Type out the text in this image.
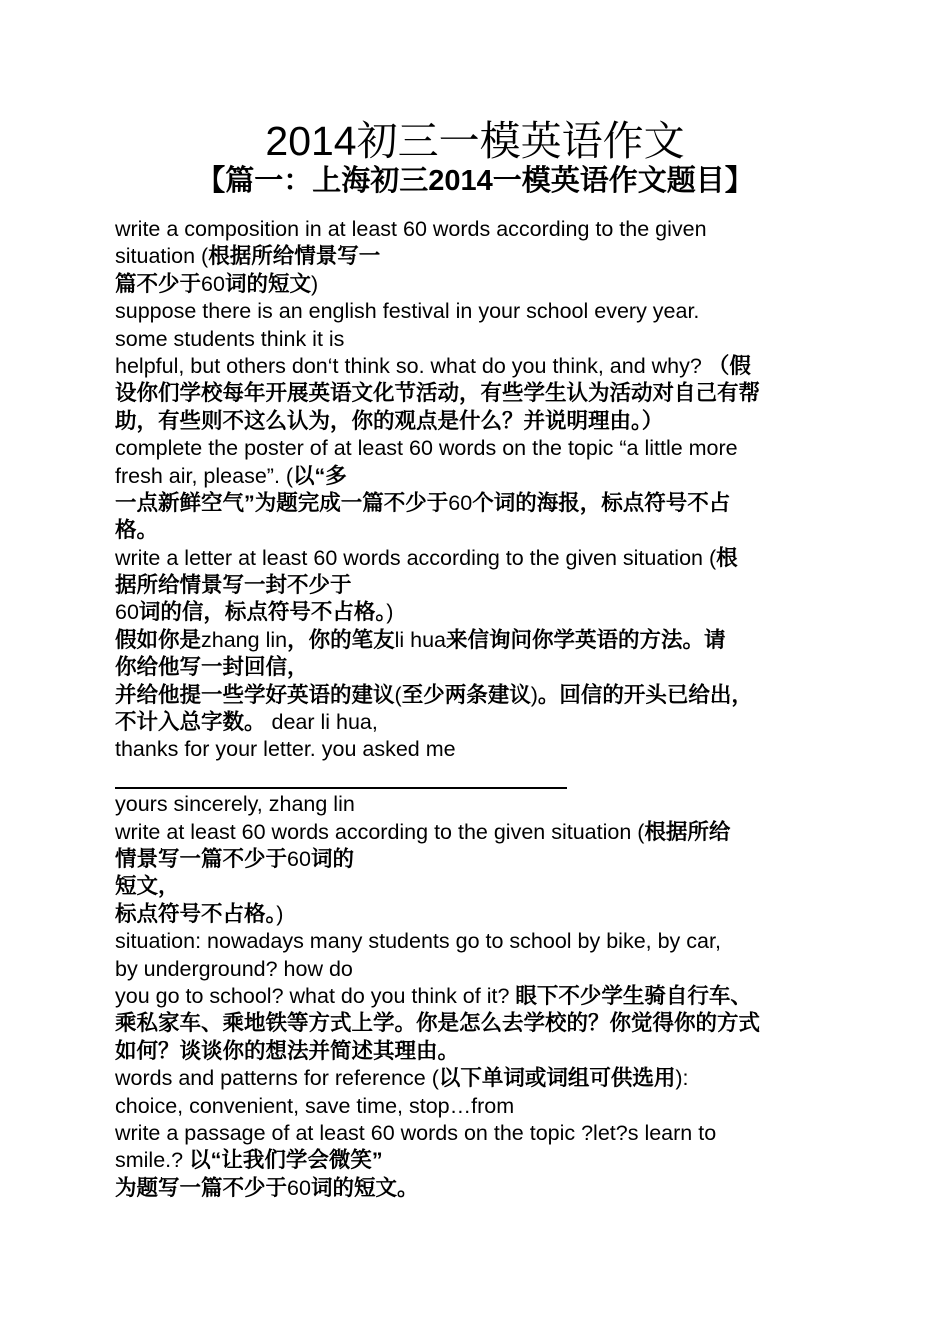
2014初三一模英语作文
【篇一：上海初三2014一模英语作文题目】
write a composition in at least 60 words according to the given
situation (根据所给情景写一
篇不少于60词的短文)
suppose there is an english festival in your school every year.
some students think it is
helpful, but others don‘t think so. what do you think, and why? （假
设你们学校每年开展英语文化节活动，有些学生认为活动对自己有帮
助，有些则不这么认为，你的观点是什么？并说明理由。）
complete the poster of at least 60 words on the topic “a little more
fresh air, please”. (以“多
一点新鲜空气”为题完成一篇不少于60个词的海报，标点符号不占
格。
write a letter at least 60 words according to the given situation (根
据所给情景写一封不少于
60词的信，标点符号不占格。)
假如你是zhang lin，你的笔友li hua来信询问你学英语的方法。请
你给他写一封回信，
并给他提一些学好英语的建议(至少两条建议)。回信的开头已给出，
不计入总字数。 dear li hua,
thanks for your letter. you asked me
yours sincerely, zhang lin
write at least 60 words according to the given situation (根据所给
情景写一篇不少于60词的
短文，
标点符号不占格。)
situation: nowadays many students go to school by bike, by car,
by underground? how do
you go to school? what do you think of it? 眼下不少学生骑自行车、
乘私家车、乘地铁等方式上学。你是怎么去学校的？你觉得你的方式
如何？谈谈你的想法并简述其理由。
words and patterns for reference (以下单词或词组可供选用):
choice, convenient, save time, stop…from
write a passage of at least 60 words on the topic ?let?s learn to
smile.? 以“让我们学会微笑”
为题写一篇不少于60词的短文。
